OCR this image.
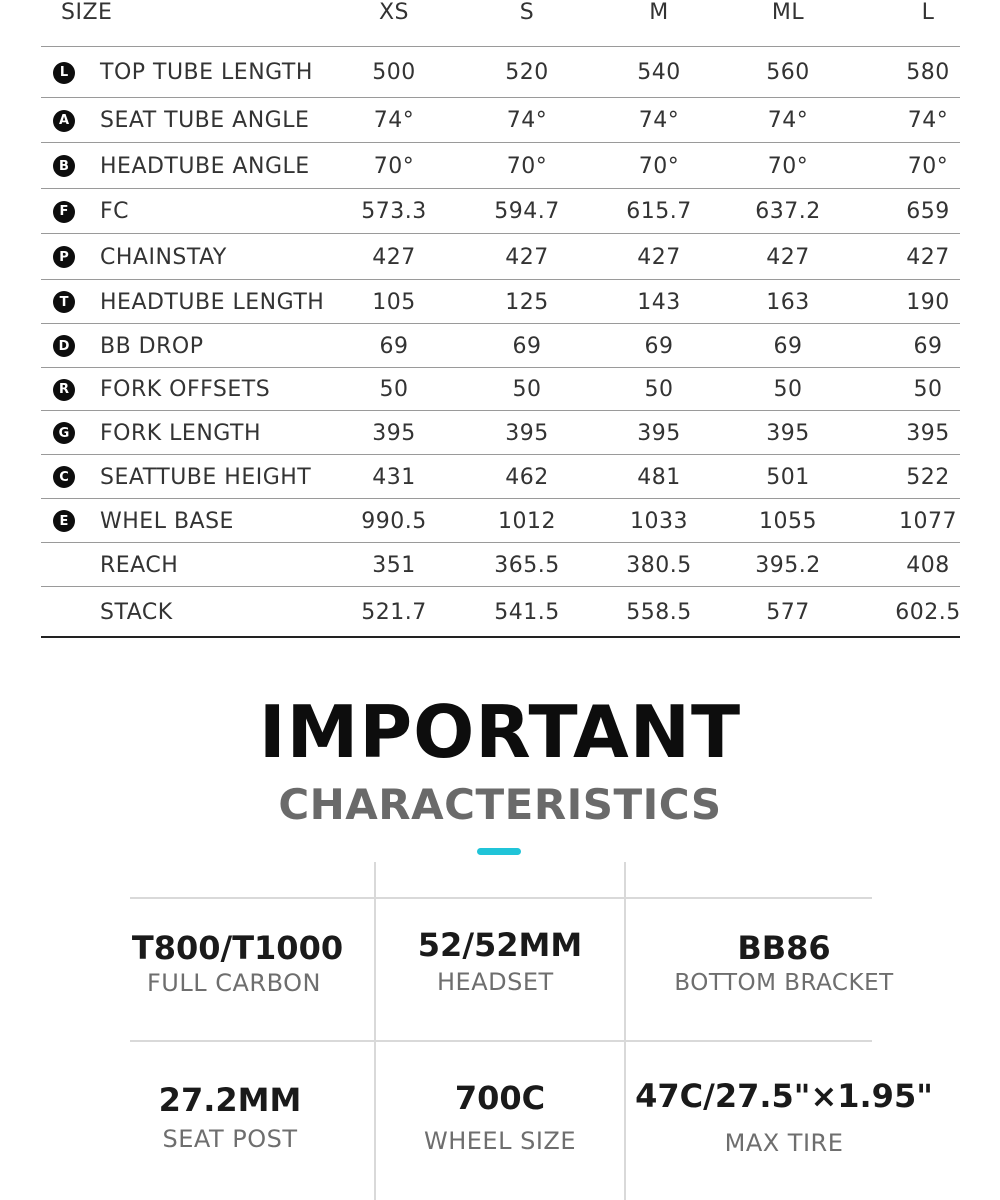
SIZE	XS	S	M	ML	L
L	TOP TUBE LENGTH	500	520	540	560	580
A SEAT TUBE ANGLE	74°	74°	74°	74°	74°
B HEADTUBE ANGLE	70°	70°	70°	70°	70°
F FC	573.3	594.7	615.7	637.2	659
P CHAINSTAY	427	427	427	427	427
T HEADTUBE LENGTH	105	125	143	163	190
D BB DROP	69	69	69	69	69
R FORK OFFSETS	50	50	50	50	50
G FORK LENGTH	395	395	395	395	395
C SEATTUBE HEIGHT	431	462	481	501	522
E WHEL BASE	990.5	1012	1033	1055	1077
REACH	351	365.5	380.5	395.2	408
STACK	521.7	541.5	558.5	577	602.5
IMPORTANT
CHARACTERISTICS
T800/T1000
FULL CARBON
52/52MM
HEADSET
BB86
BOTTOM BRACKET
27.2MM
SEAT POST
700C
WHEEL SIZE
47C/27.5"×1.95"
MAX TIRE
